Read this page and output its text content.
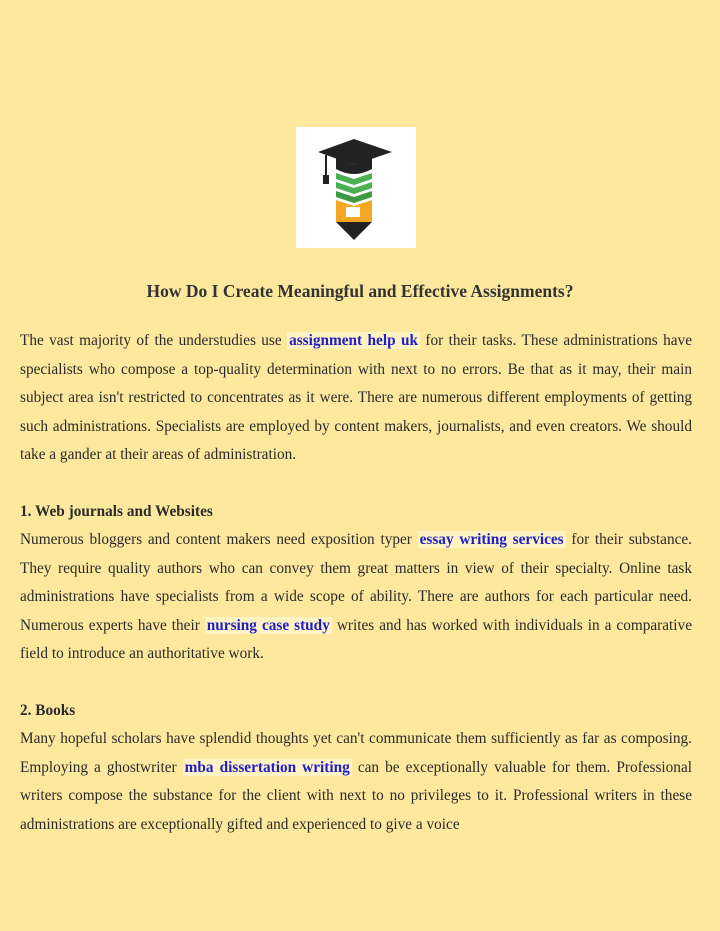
How Do I Create Meaningful and Effective Assignments?

The vast majority of the understudies use assignment help uk for their tasks. These administrations have specialists who compose a top-quality determination with next to no errors. Be that as it may, their main subject area isn't restricted to concentrates as it were. There are numerous different employments of getting such administrations. Specialists are employed by content makers, journalists, and even creators. We should take a gander at their areas of administration.

1. Web journals and Websites

Numerous bloggers and content makers need exposition typer essay writing services for their substance. They require quality authors who can convey them great matters in view of their specialty. Online task administrations have specialists from a wide scope of ability. There are authors for each particular need. Numerous experts have their nursing case study writes and has worked with individuals in a comparative field to introduce an authoritative work.

2. Books

Many hopeful scholars have splendid thoughts yet can't communicate them sufficiently as far as composing. Employing a ghostwriter mba dissertation writing can be exceptionally valuable for them. Professional writers compose the substance for the client with next to no privileges to it. Professional writers in these administrations are exceptionally gifted and experienced to give a voice
